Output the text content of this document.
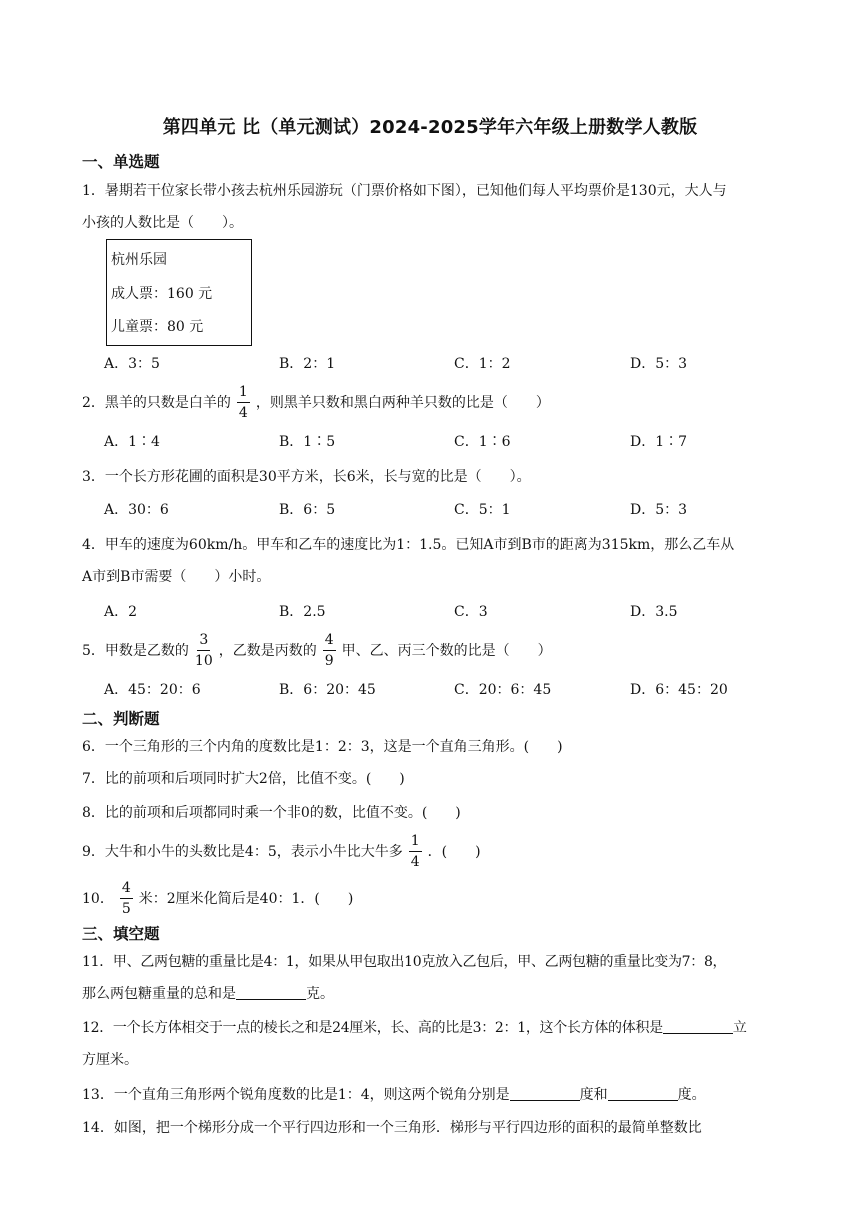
第四单元 比（单元测试）2024-2025学年六年级上册数学人教版
一、单选题
1．暑期若干位家长带小孩去杭州乐园游玩（门票价格如下图），已知他们每人平均票价是130元，大人与
小孩的人数比是（　　）。
杭州乐园
成人票：160 元
儿童票：80 元
A．3：5	B．2：1	C．1：2	D．5：3
2．黑羊的只数是白羊的 $\frac{1}{4}$ ，则黑羊只数和黑白两种羊只数的比是（　　）
A．1∶4	B．1∶5	C．1∶6	D．1∶7
3．一个长方形花圃的面积是30平方米，长6米，长与宽的比是（　　）。
A．30：6	B．6：5	C．5：1	D．5：3
4．甲车的速度为60km/h。甲车和乙车的速度比为1：1.5。已知A市到B市的距离为315km，那么乙车从
A市到B市需要（　　）小时。
A．2	B．2.5	C．3	D．3.5
5．甲数是乙数的 $\frac{3}{10}$ ，乙数是丙数的 $\frac{4}{9}$ 甲、乙、丙三个数的比是（　　）
A．45：20：6	B．6：20：45	C．20：6：45	D．6：45：20
二、判断题
6．一个三角形的三个内角的度数比是1：2：3，这是一个直角三角形。(　　)
7．比的前项和后项同时扩大2倍，比值不变。(　　)
8．比的前项和后项都同时乘一个非0的数，比值不变。(　　)
9．大牛和小牛的头数比是4：5，表示小牛比大牛多 $\frac{1}{4}$ ．(　　)
10． $\frac{4}{5}$ 米：2厘米化简后是40：1．(　　)
三、填空题
11．甲、乙两包糖的重量比是4：1，如果从甲包取出10克放入乙包后，甲、乙两包糖的重量比变为7：8，
那么两包糖重量的总和是	克。
12．一个长方体相交于一点的棱长之和是24厘米，长、高的比是3：2：1，这个长方体的体积是	立
方厘米。
13．一个直角三角形两个锐角度数的比是1：4，则这两个锐角分别是	度和	度。
14．如图，把一个梯形分成一个平行四边形和一个三角形．梯形与平行四边形的面积的最简单整数比
